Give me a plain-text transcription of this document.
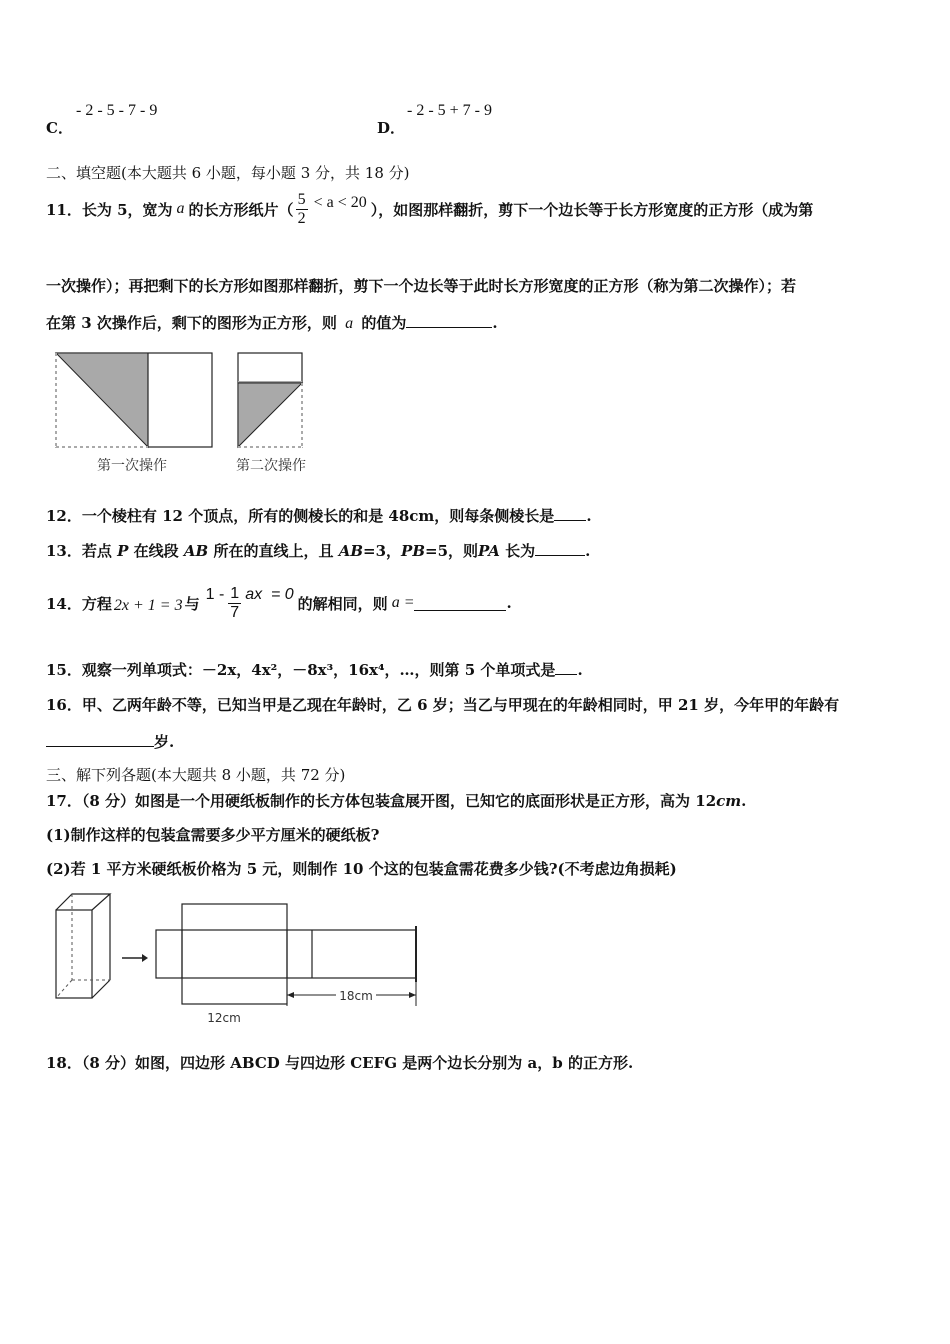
C．
- 2 - 5 - 7 - 9
D．
- 2 - 5 + 7 - 9
二、填空题(本大题共 6 小题，每小题 3 分，共 18 分)
11． 长为 5，宽为 a 的长方形纸片（ $\frac{5}{2} < a < 20$ ），如图那样翻折，剪下一个边长等于长方形宽度的正方形（成为第
一次操作）；再把剩下的长方形如图那样翻折，剪下一个边长等于此时长方形宽度的正方形（称为第二次操作）；若
在第 3 次操作后，剩下的图形为正方形，则 a 的值为	.
第一次操作	第二次操作
12．一个棱柱有 12 个顶点，所有的侧棱长的和是 48cm，则每条侧棱长是 .
13．若点 P 在线段 AB 所在的直线上，且 AB=3，PB=5，则PA 长为	.
14． 方程 2x + 1 = 3 与 $1 - \frac{1}{7}$ ax  = 0 的解相同，则 a =	.
15．观察一列单项式：－2x，4x²，－8x³，16x⁴，…，则第 5 个单项式是 .
16．甲、乙两年龄不等，已知当甲是乙现在年龄时，乙 6 岁；当乙与甲现在的年龄相同时，甲 21 岁，今年甲的年龄有
岁.
三、解下列各题(本大题共 8 小题，共 72 分)
17．（8 分）如图是一个用硬纸板制作的长方体包装盒展开图，已知它的底面形状是正方形，高为 12cm.
(1)制作这样的包装盒需要多少平方厘米的硬纸板?
(2)若 1 平方米硬纸板价格为 5 元，则制作 10 个这的包装盒需花费多少钱?(不考虑边角损耗)
18cm
12cm
18．（8 分）如图，四边形 ABCD 与四边形 CEFG 是两个边长分别为 a，b 的正方形.
